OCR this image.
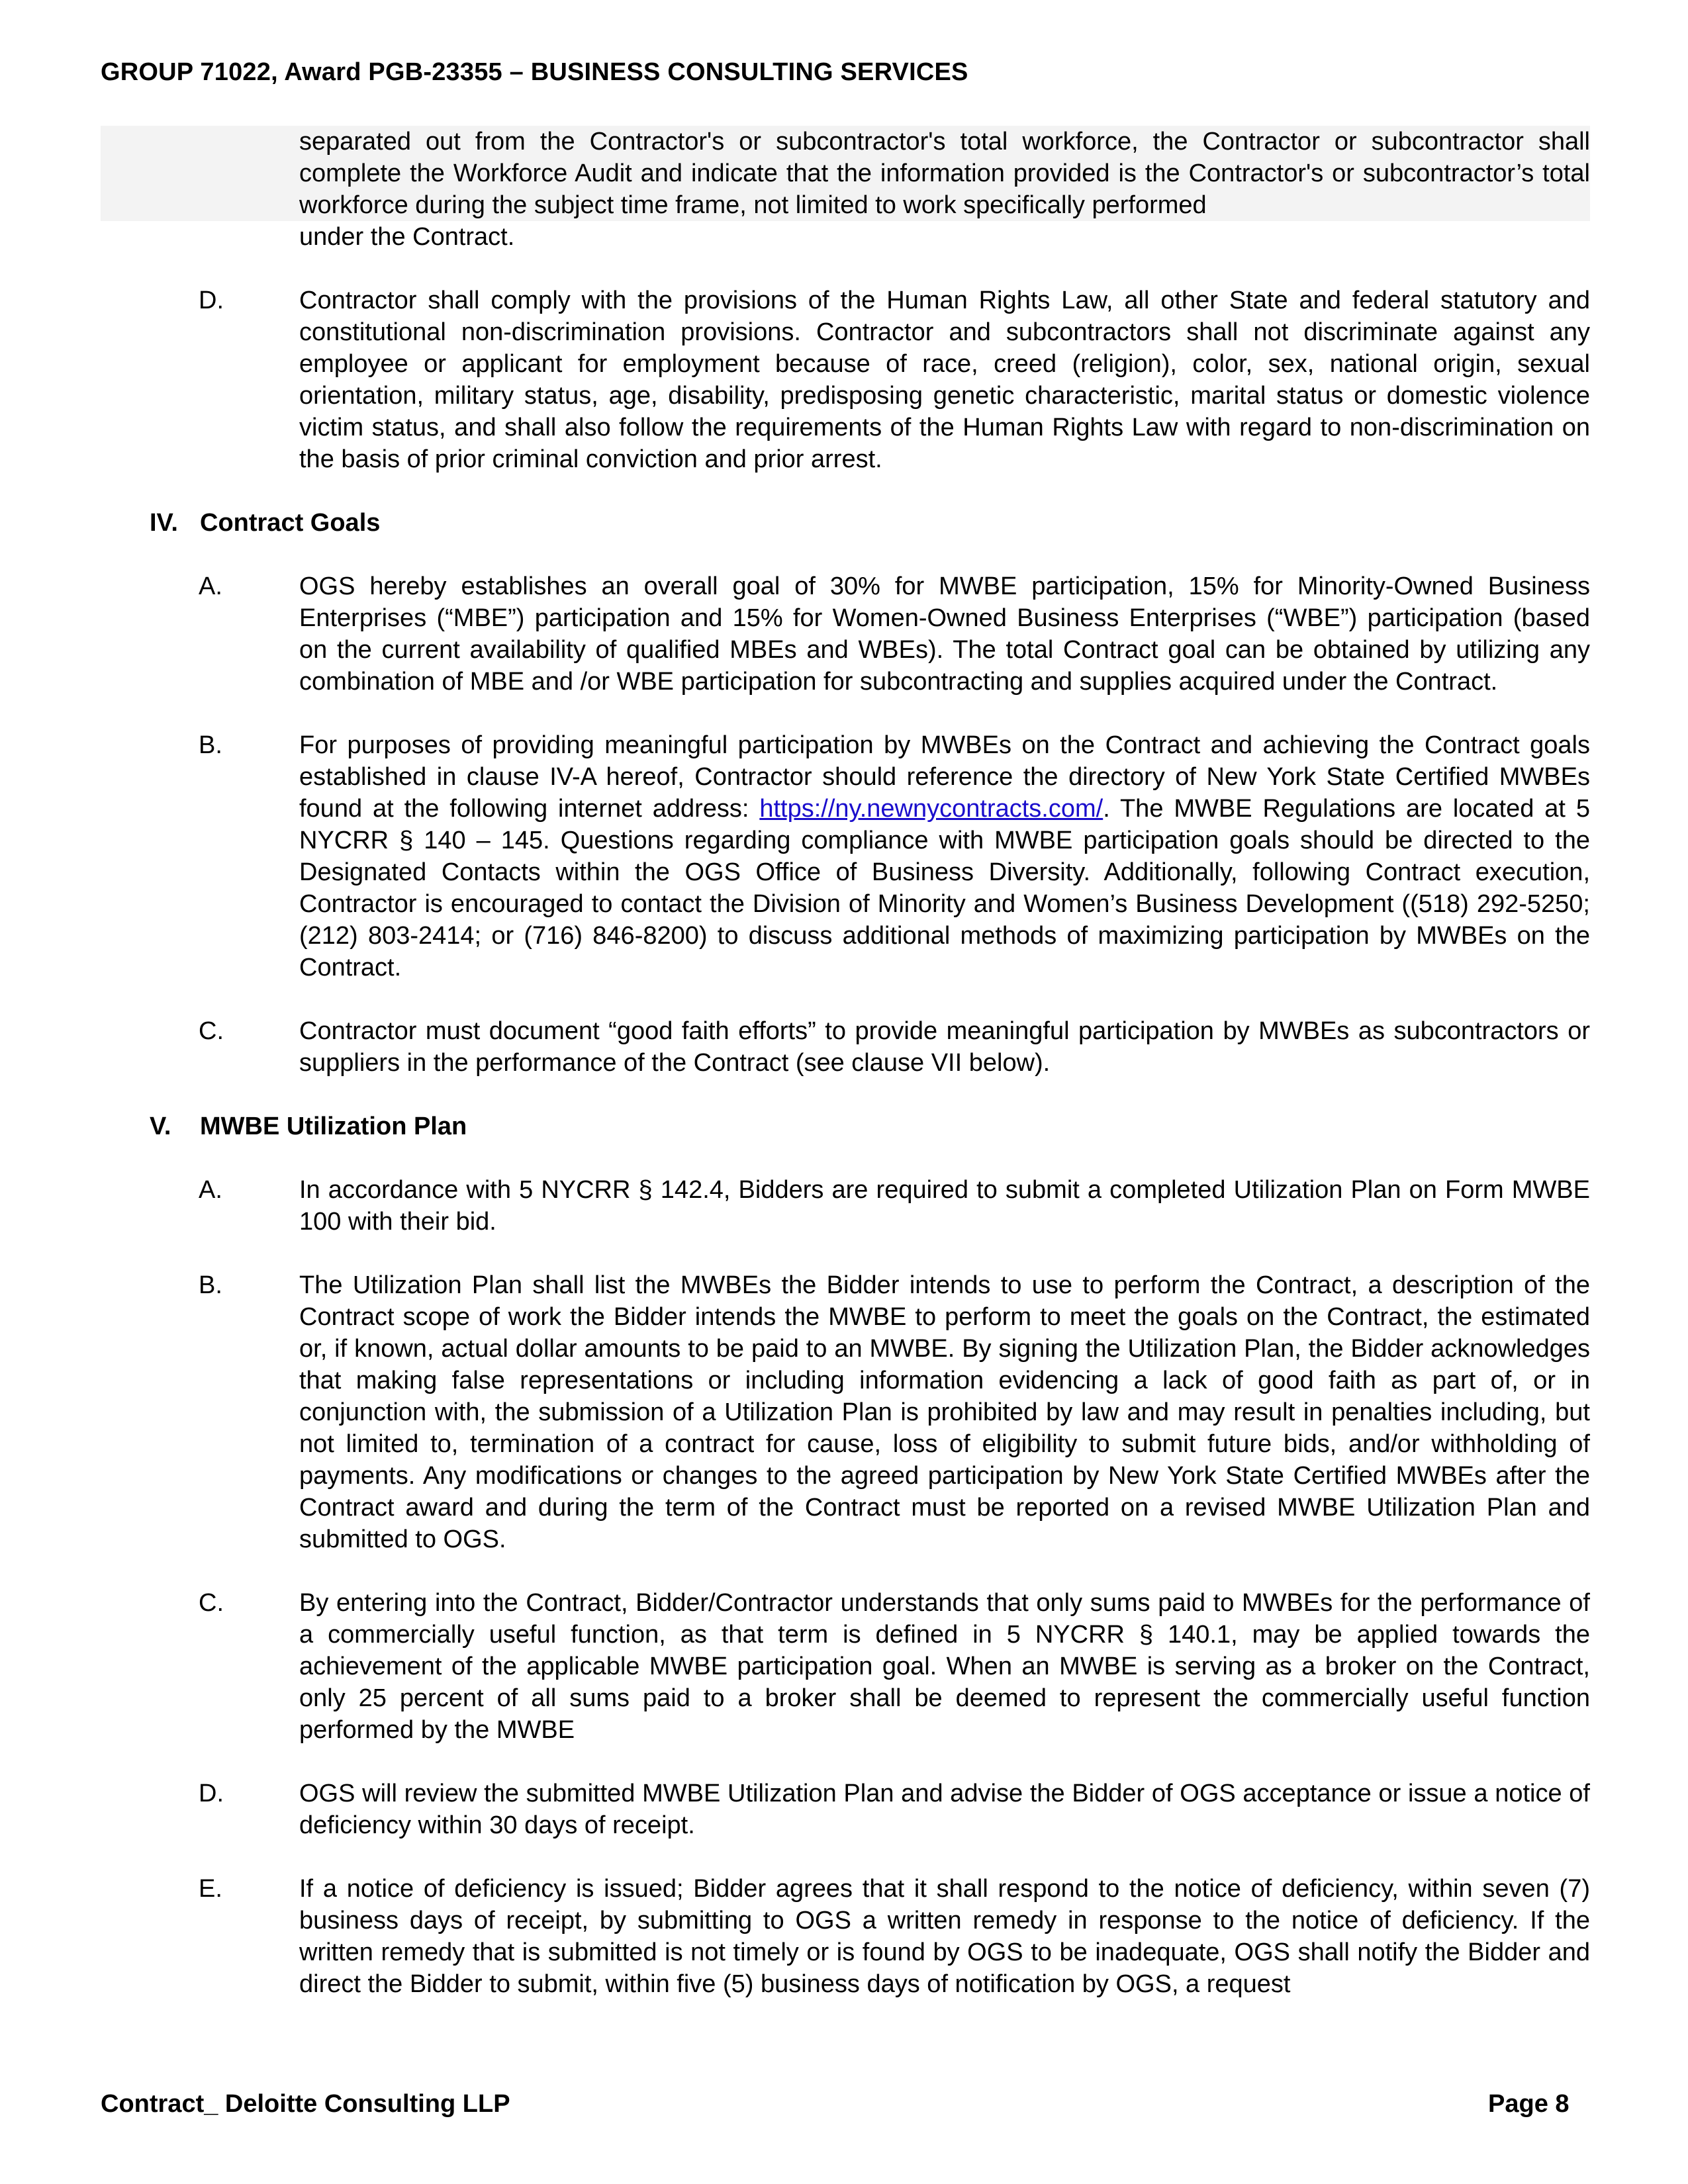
GROUP 71022, Award PGB-23355 – BUSINESS CONSULTING SERVICES
separated out from the Contractor's or subcontractor's total workforce, the Contractor or subcontractor shall complete the Workforce Audit and indicate that the information provided is the Contractor's or subcontractor’s total workforce during the subject time frame, not limited to work specifically performed
under the Contract.
D.	Contractor shall comply with the provisions of the Human Rights Law, all other State and federal statutory and constitutional non-discrimination provisions. Contractor and subcontractors shall not discriminate against any employee or applicant for employment because of race, creed (religion), color, sex, national origin, sexual orientation, military status, age, disability, predisposing genetic characteristic, marital status or domestic violence victim status, and shall also follow the requirements of the Human Rights Law with regard to non-discrimination on the basis of prior criminal conviction and prior arrest.
IV. Contract Goals
A.	OGS hereby establishes an overall goal of 30% for MWBE participation, 15% for Minority-Owned Business Enterprises (“MBE”) participation and 15% for Women-Owned Business Enterprises (“WBE”) participation (based on the current availability of qualified MBEs and WBEs). The total Contract goal can be obtained by utilizing any combination of MBE and /or WBE participation for subcontracting and supplies acquired under the Contract.
B.	For purposes of providing meaningful participation by MWBEs on the Contract and achieving the Contract goals established in clause IV-A hereof, Contractor should reference the directory of New York State Certified MWBEs found at the following internet address: https://ny.newnycontracts.com/. The MWBE Regulations are located at 5 NYCRR § 140 – 145. Questions regarding compliance with MWBE participation goals should be directed to the Designated Contacts within the OGS Office of Business Diversity. Additionally, following Contract execution, Contractor is encouraged to contact the Division of Minority and Women’s Business Development ((518) 292-5250; (212) 803-2414; or (716) 846-8200) to discuss additional methods of maximizing participation by MWBEs on the Contract.
C.	Contractor must document “good faith efforts” to provide meaningful participation by MWBEs as subcontractors or suppliers in the performance of the Contract (see clause VII below).
V. MWBE Utilization Plan
A.	In accordance with 5 NYCRR § 142.4, Bidders are required to submit a completed Utilization Plan on Form MWBE 100 with their bid.
B.	The Utilization Plan shall list the MWBEs the Bidder intends to use to perform the Contract, a description of the Contract scope of work the Bidder intends the MWBE to perform to meet the goals on the Contract, the estimated or, if known, actual dollar amounts to be paid to an MWBE. By signing the Utilization Plan, the Bidder acknowledges that making false representations or including information evidencing a lack of good faith as part of, or in conjunction with, the submission of a Utilization Plan is prohibited by law and may result in penalties including, but not limited to, termination of a contract for cause, loss of eligibility to submit future bids, and/or withholding of payments. Any modifications or changes to the agreed participation by New York State Certified MWBEs after the Contract award and during the term of the Contract must be reported on a revised MWBE Utilization Plan and submitted to OGS.
C.	By entering into the Contract, Bidder/Contractor understands that only sums paid to MWBEs for the performance of a commercially useful function, as that term is defined in 5 NYCRR § 140.1, may be applied towards the achievement of the applicable MWBE participation goal. When an MWBE is serving as a broker on the Contract, only 25 percent of all sums paid to a broker shall be deemed to represent the commercially useful function performed by the MWBE
D.	OGS will review the submitted MWBE Utilization Plan and advise the Bidder of OGS acceptance or issue a notice of deficiency within 30 days of receipt.
E.	If a notice of deficiency is issued; Bidder agrees that it shall respond to the notice of deficiency, within seven (7) business days of receipt, by submitting to OGS a written remedy in response to the notice of deficiency. If the written remedy that is submitted is not timely or is found by OGS to be inadequate, OGS shall notify the Bidder and direct the Bidder to submit, within five (5) business days of notification by OGS, a request
Contract_ Deloitte Consulting LLP	Page 8
